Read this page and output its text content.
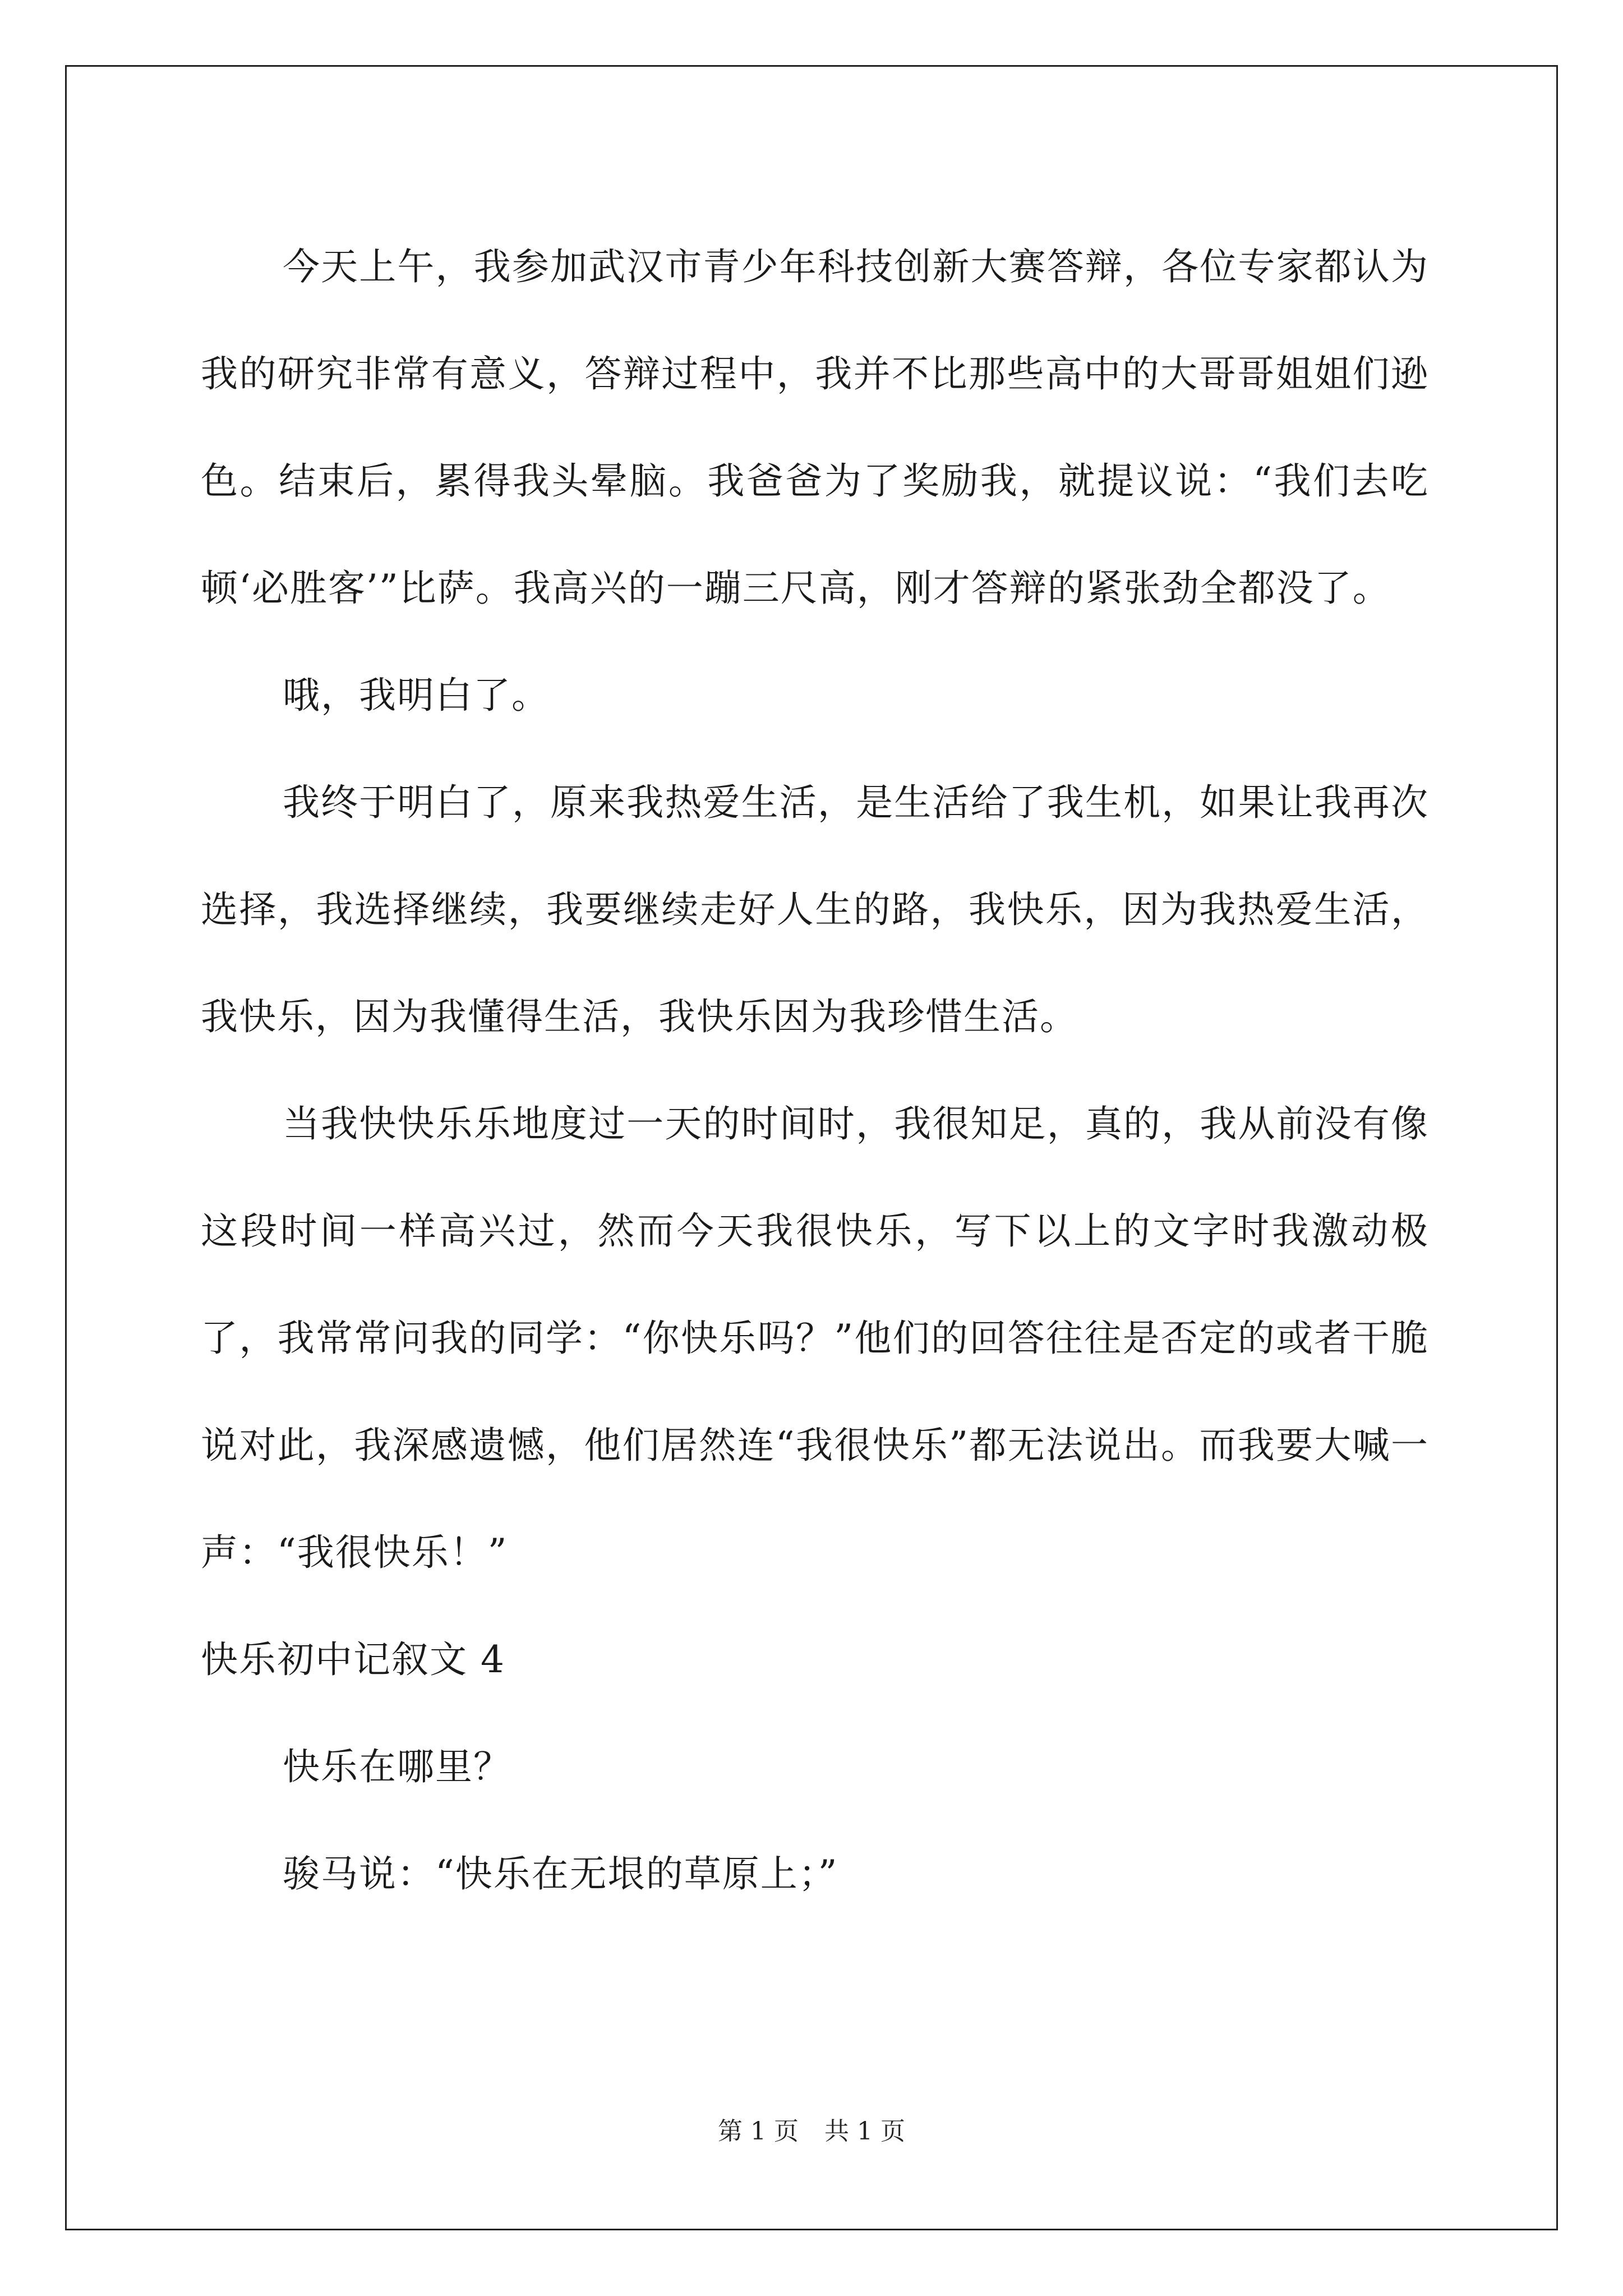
今天上午，我参加武汉市青少年科技创新大赛答辩，各位专家都认为我的研究非常有意义，答辩过程中，我并不比那些高中的大哥哥姐姐们逊色。结束后，累得我头晕脑。我爸爸为了奖励我，就提议说：“我们去吃顿‘必胜客’”比萨。我高兴的一蹦三尺高，刚才答辩的紧张劲全都没了。

哦，我明白了。

我终于明白了，原来我热爱生活，是生活给了我生机，如果让我再次选择，我选择继续，我要继续走好人生的路，我快乐，因为我热爱生活，我快乐，因为我懂得生活，我快乐因为我珍惜生活。

当我快快乐乐地度过一天的时间时，我很知足，真的，我从前没有像这段时间一样高兴过，然而今天我很快乐，写下以上的文字时我激动极了，我常常问我的同学：“你快乐吗？”他们的回答往往是否定的或者干脆说对此，我深感遗憾，他们居然连“我很快乐”都无法说出。而我要大喊一声：“我很快乐！”

快乐初中记叙文 4

快乐在哪里？

骏马说：“快乐在无垠的草原上；”

第 1 页 共 1 页
